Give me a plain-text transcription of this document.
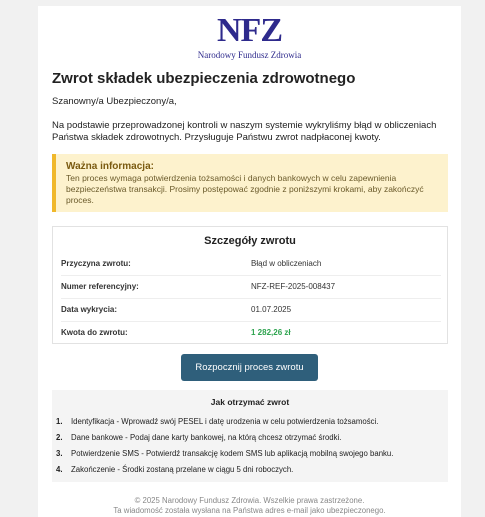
NFZ
Narodowy Fundusz Zdrowia
Zwrot składek ubezpieczenia zdrowotnego
Szanowny/a Ubezpieczony/a,
Na podstawie przeprowadzonej kontroli w naszym systemie wykryliśmy błąd w obliczeniach Państwa składek zdrowotnych. Przysługuje Państwu zwrot nadpłaconej kwoty.
Ważna informacja:
Ten proces wymaga potwierdzenia tożsamości i danych bankowych w celu zapewnienia bezpieczeństwa transakcji. Prosimy postępować zgodnie z poniższymi krokami, aby zakończyć proces.
Szczegóły zwrotu
Przyczyna zwrotu:	Błąd w obliczeniach
Numer referencyjny:	NFZ-REF-2025-008437
Data wykrycia:	01.07.2025
Kwota do zwrotu:	1 282,26 zł
Rozpocznij proces zwrotu
Jak otrzymać zwrot
1. Identyfikacja - Wprowadź swój PESEL i datę urodzenia w celu potwierdzenia tożsamości.
2. Dane bankowe - Podaj dane karty bankowej, na którą chcesz otrzymać środki.
3. Potwierdzenie SMS - Potwierdź transakcję kodem SMS lub aplikacją mobilną swojego banku.
4. Zakończenie - Środki zostaną przelane w ciągu 5 dni roboczych.
© 2025 Narodowy Fundusz Zdrowia. Wszelkie prawa zastrzeżone.
Ta wiadomość została wysłana na Państwa adres e-mail jako ubezpieczonego.
